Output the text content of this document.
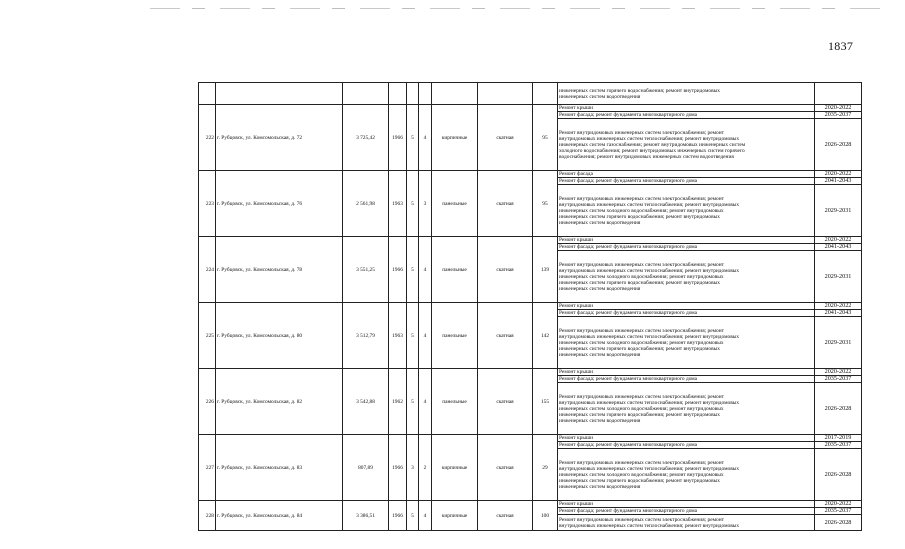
1837
									инженерных систем горячего водоснабжения; ремонт внутридомовых
инженерных систем водоотведения	
222	г. Рубцовск, ул. Комсомольская, д. 72	3 725,42	1966	5	4	кирпичные	скатная	95	Ремонт крыши	2020-2022
									Ремонт фасада; ремонт фундамента многоквартирного дома	2035-2037
									Ремонт внутридомовых инженерных систем электроснабжения; ремонт
внутридомовых инженерных систем теплоснабжения; ремонт внутридомовых
инженерных систем газоснабжения; ремонт внутридомовых инженерных систем
холодного водоснабжения; ремонт внутридомовых инженерных систем горячего
водоснабжения; ремонт внутридомовых инженерных систем водоотведения	2026-2028
223	г. Рубцовск, ул. Комсомольская, д. 76	2 561,98	1963	5	3	панельные	скатная	95	Ремонт фасада	2020-2022
									Ремонт фасада; ремонт фундамента многоквартирного дома	2041-2043
									Ремонт внутридомовых инженерных систем электроснабжения; ремонт
внутридомовых инженерных систем теплоснабжения; ремонт внутридомовых
инженерных систем холодного водоснабжения; ремонт внутридомовых
инженерных систем горячего водоснабжения; ремонт внутридомовых
инженерных систем водоотведения	2029-2031
224	г. Рубцовск, ул. Комсомольская, д. 78	3 551,25	1966	5	4	панельные	скатная	139	Ремонт крыши	2020-2022
									Ремонт фасада; ремонт фундамента многоквартирного дома	2041-2043
									Ремонт внутридомовых инженерных систем электроснабжения; ремонт
внутридомовых инженерных систем теплоснабжения; ремонт внутридомовых
инженерных систем холодного водоснабжения; ремонт внутридомовых
инженерных систем горячего водоснабжения; ремонт внутридомовых
инженерных систем водоотведения	2029-2031
225	г. Рубцовск, ул. Комсомольская, д. 80	3 512,79	1963	5	4	панельные	скатная	142	Ремонт крыши	2020-2022
									Ремонт фасада; ремонт фундамента многоквартирного дома	2041-2043
									Ремонт внутридомовых инженерных систем электроснабжения; ремонт
внутридомовых инженерных систем теплоснабжения; ремонт внутридомовых
инженерных систем холодного водоснабжения; ремонт внутридомовых
инженерных систем горячего водоснабжения; ремонт внутридомовых
инженерных систем водоотведения	2029-2031
226	г. Рубцовск, ул. Комсомольская, д. 82	3 542,88	1962	5	4	панельные	скатная	155	Ремонт крыши	2020-2022
									Ремонт фасада; ремонт фундамента многоквартирного дома	2035-2037
									Ремонт внутридомовых инженерных систем электроснабжения; ремонт
внутридомовых инженерных систем теплоснабжения; ремонт внутридомовых
инженерных систем холодного водоснабжения; ремонт внутридомовых
инженерных систем горячего водоснабжения; ремонт внутридомовых
инженерных систем водоотведения	2026-2028
227	г. Рубцовск, ул. Комсомольская, д. 83	807,89	1966	3	2	кирпичные	скатная	29	Ремонт крыши	2017-2019
									Ремонт фасада; ремонт фундамента многоквартирного дома	2035-2037
									Ремонт внутридомовых инженерных систем электроснабжения; ремонт
внутридомовых инженерных систем теплоснабжения; ремонт внутридомовых
инженерных систем холодного водоснабжения; ремонт внутридомовых
инженерных систем горячего водоснабжения; ремонт внутридомовых
инженерных систем водоотведения	2026-2028
228	г. Рубцовск, ул. Комсомольская, д. 84	3 386,51	1966	5	4	кирпичные	скатная	100	Ремонт крыши	2020-2022
									Ремонт фасада; ремонт фундамента многоквартирного дома	2035-2037
									Ремонт внутридомовых инженерных систем электроснабжения; ремонт
внутридомовых инженерных систем теплоснабжения; ремонт внутридомовых	2026-2028
